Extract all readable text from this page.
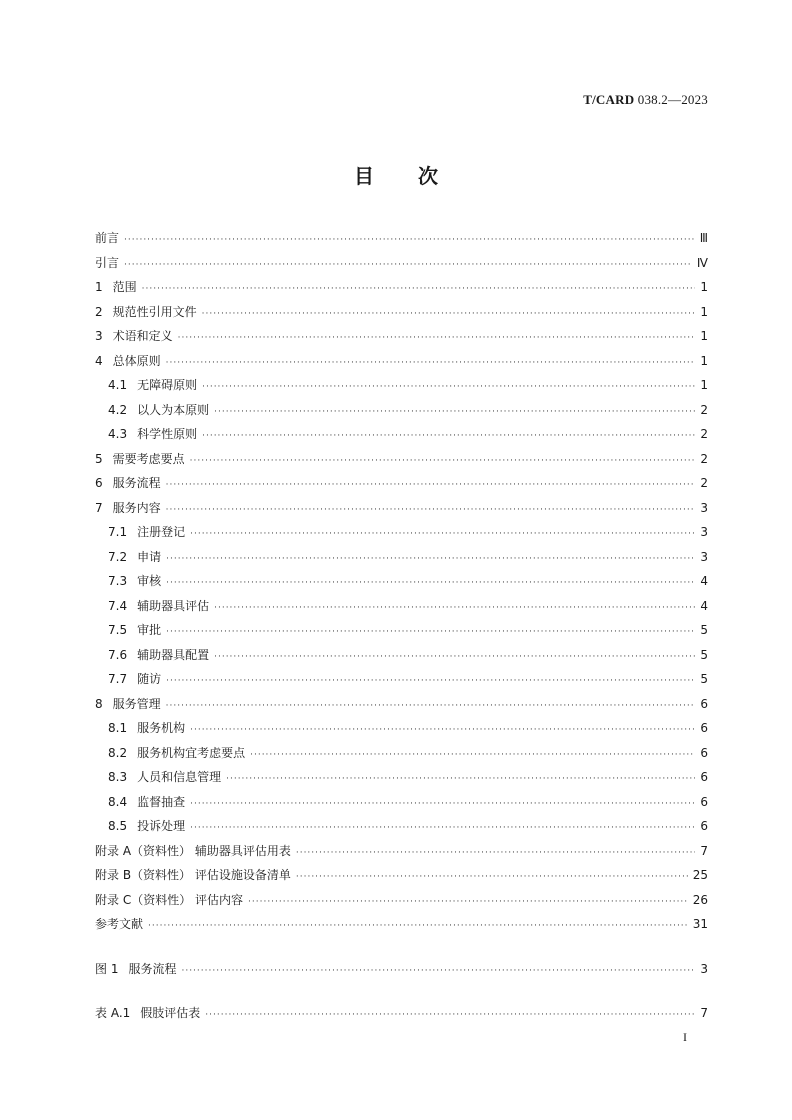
T/CARD 038.2—2023
目 次
前言 ·····	Ⅲ
引言 ·····	Ⅳ
1 范围 ·····	1
2 规范性引用文件 ·····	1
3 术语和定义 ·····	1
4 总体原则 ·····	1
4.1 无障碍原则 ·····	1
4.2 以人为本原则 ·····	2
4.3 科学性原则 ·····	2
5 需要考虑要点 ·····	2
6 服务流程 ·····	2
7 服务内容 ·····	3
7.1 注册登记 ·····	3
7.2 申请 ·····	3
7.3 审核 ·····	4
7.4 辅助器具评估 ·····	4
7.5 审批 ·····	5
7.6 辅助器具配置 ·····	5
7.7 随访 ·····	5
8 服务管理 ·····	6
8.1 服务机构 ·····	6
8.2 服务机构宜考虑要点 ·····	6
8.3 人员和信息管理 ·····	6
8.4 监督抽查 ·····	6
8.5 投诉处理 ·····	6
附录 A（资料性） 辅助器具评估用表 ·····	7
附录 B（资料性） 评估设施设备清单 ·····	25
附录 C（资料性） 评估内容 ·····	26
参考文献 ·····	31
图 1 服务流程 ·····	3
表 A.1 假肢评估表 ·····	7
I
